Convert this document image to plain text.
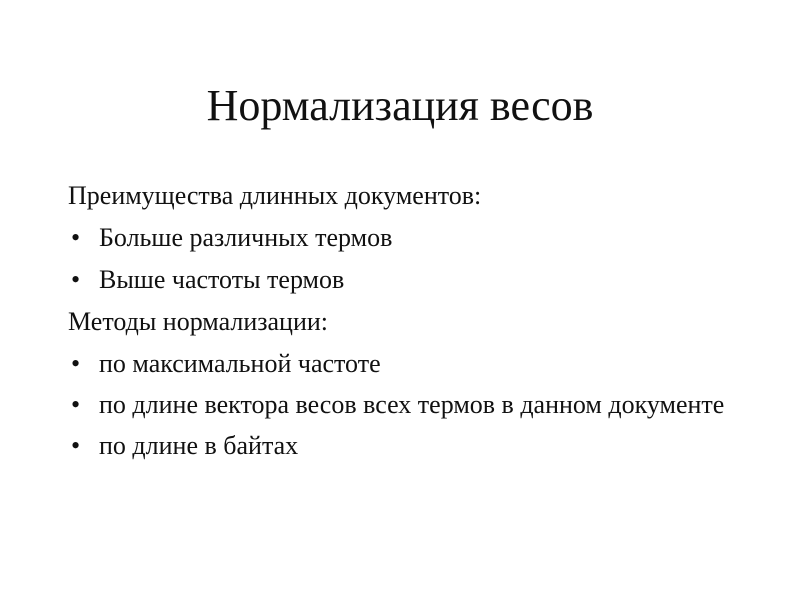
Нормализация весов

Преимущества длинных документов:

• Больше различных термов
• Выше частоты термов

Методы нормализации:

• по максимальной частоте
• по длине вектора весов всех термов в данном документе
• по длине в байтах
